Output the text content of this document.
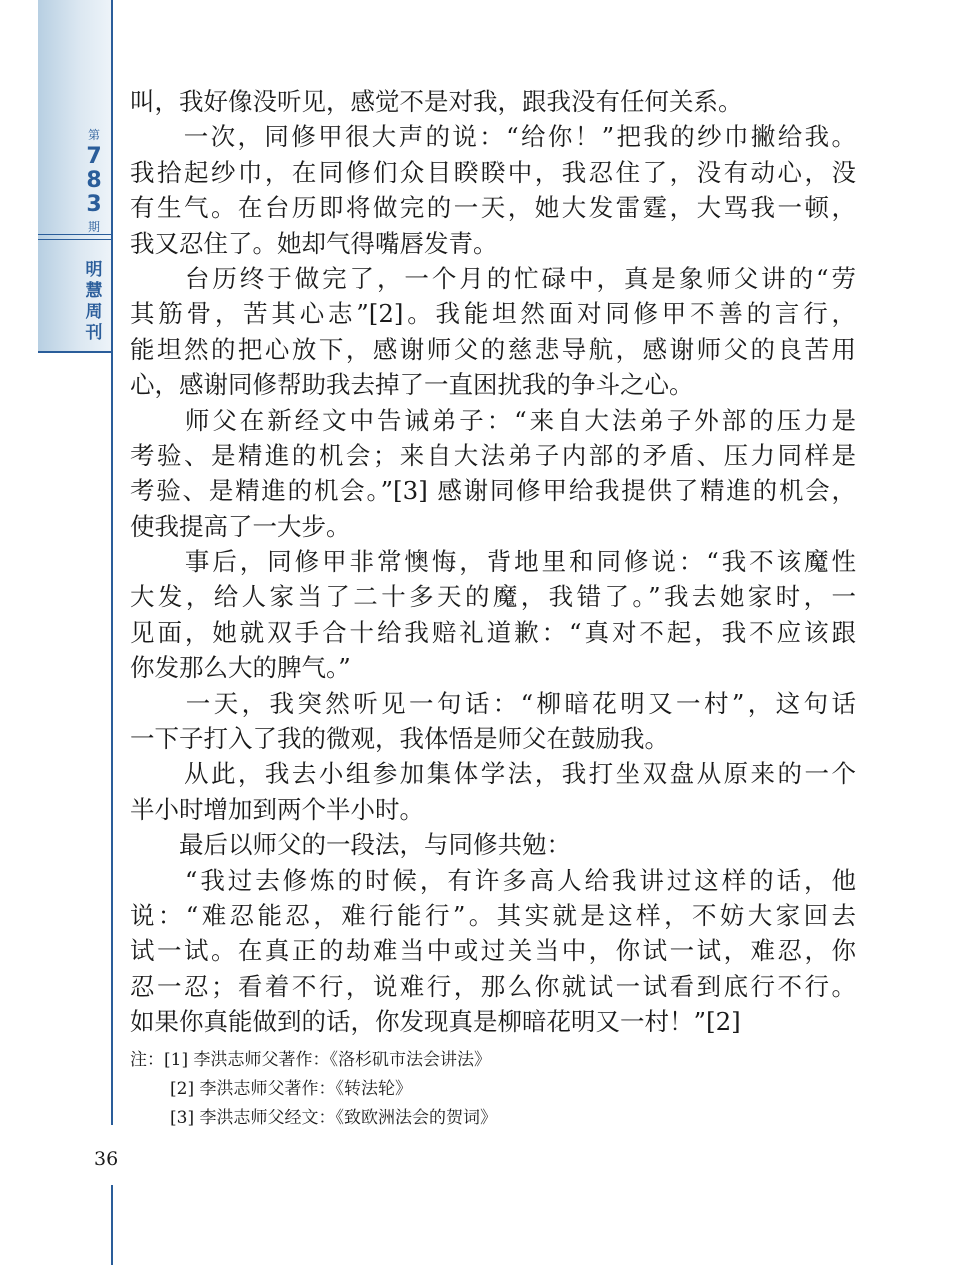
第
7
8
3
期
明
慧
周
刊
叫，我好像没听见，感觉不是对我，跟我没有任何关系。
　　一次，同修甲很大声的说：“给你！”把我的纱巾撇给我。
我拾起纱巾，在同修们众目睽睽中，我忍住了，没有动心，没
有生气。在台历即将做完的一天，她大发雷霆，大骂我一顿，
我又忍住了。她却气得嘴唇发青。
　　台历终于做完了，一个月的忙碌中，真是象师父讲的“劳
其筋骨，苦其心志”[2]。我能坦然面对同修甲不善的言行，
能坦然的把心放下，感谢师父的慈悲导航，感谢师父的良苦用
心，感谢同修帮助我去掉了一直困扰我的争斗之心。
　　师父在新经文中告诫弟子：“来自大法弟子外部的压力是
考验、是精進的机会；来自大法弟子内部的矛盾、压力同样是
考验、是精進的机会。”[3] 感谢同修甲给我提供了精進的机会，
使我提高了一大步。
　　事后，同修甲非常懊悔，背地里和同修说：“我不该魔性
大发，给人家当了二十多天的魔，我错了。”我去她家时，一
见面，她就双手合十给我赔礼道歉：“真对不起，我不应该跟
你发那么大的脾气。”
　　一天，我突然听见一句话：“柳暗花明又一村”，这句话
一下子打入了我的微观，我体悟是师父在鼓励我。
　　从此，我去小组参加集体学法，我打坐双盘从原来的一个
半小时增加到两个半小时。
　　最后以师父的一段法，与同修共勉：
　　“我过去修炼的时候，有许多高人给我讲过这样的话，他
说：“难忍能忍，难行能行”。其实就是这样，不妨大家回去
试一试。在真正的劫难当中或过关当中，你试一试，难忍，你
忍一忍；看着不行，说难行，那么你就试一试看到底行不行。
如果你真能做到的话，你发现真是柳暗花明又一村！”[2]
注：[1] 李洪志师父著作：《洛杉矶市法会讲法》
[2] 李洪志师父著作：《转法轮》
[3] 李洪志师父经文：《致欧洲法会的贺词》
36
